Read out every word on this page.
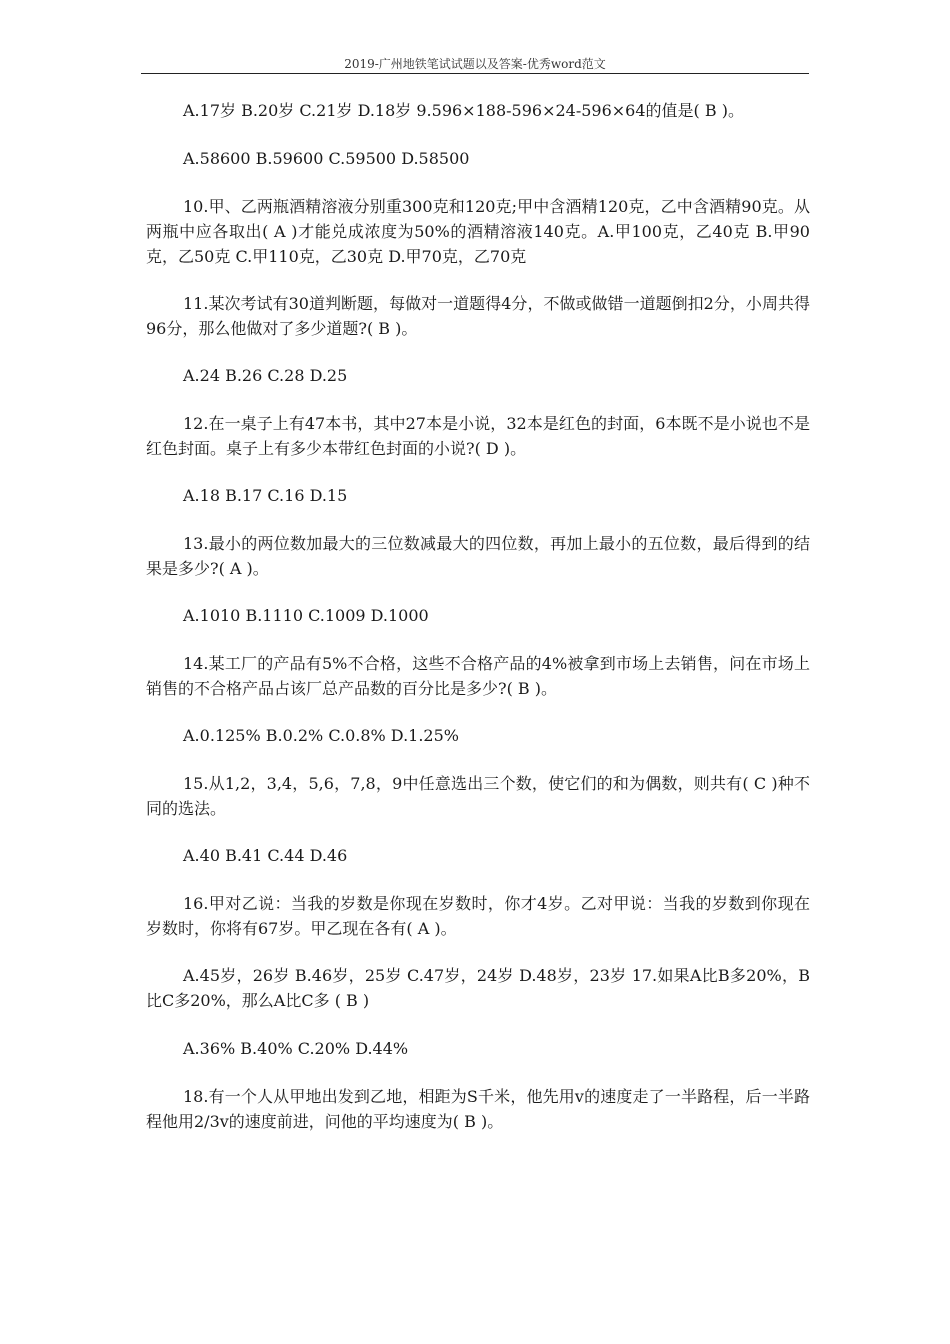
2019-广州地铁笔试试题以及答案-优秀word范文

A.17岁 B.20岁 C.21岁 D.18岁 9.596×188-596×24-596×64的值是( B )。

A.58600 B.59600 C.59500 D.58500

10.甲、乙两瓶酒精溶液分别重300克和120克;甲中含酒精120克，乙中含酒精90克。从两瓶中应各取出( A )才能兑成浓度为50%的酒精溶液140克。A.甲100克，乙40克 B.甲90克，乙50克 C.甲110克，乙30克 D.甲70克，乙70克

11.某次考试有30道判断题，每做对一道题得4分，不做或做错一道题倒扣2分，小周共得96分，那么他做对了多少道题?( B )。

A.24 B.26 C.28 D.25

12.在一桌子上有47本书，其中27本是小说，32本是红色的封面，6本既不是小说也不是红色封面。桌子上有多少本带红色封面的小说?( D )。

A.18 B.17 C.16 D.15

13.最小的两位数加最大的三位数减最大的四位数，再加上最小的五位数，最后得到的结果是多少?( A )。

A.1010 B.1110 C.1009 D.1000

14.某工厂的产品有5%不合格，这些不合格产品的4%被拿到市场上去销售，问在市场上销售的不合格产品占该厂总产品数的百分比是多少?( B )。

A.0.125% B.0.2% C.0.8% D.1.25%

15.从1,2，3,4，5,6，7,8，9中任意选出三个数，使它们的和为偶数，则共有( C )种不同的选法。

A.40 B.41 C.44 D.46

16.甲对乙说：当我的岁数是你现在岁数时，你才4岁。乙对甲说：当我的岁数到你现在岁数时，你将有67岁。甲乙现在各有( A )。

A.45岁，26岁 B.46岁，25岁 C.47岁，24岁 D.48岁，23岁 17.如果A比B多20%，B比C多20%，那么A比C多 ( B )

A.36% B.40% C.20% D.44%

18.有一个人从甲地出发到乙地，相距为S千米，他先用v的速度走了一半路程，后一半路程他用2/3v的速度前进，问他的平均速度为( B )。
